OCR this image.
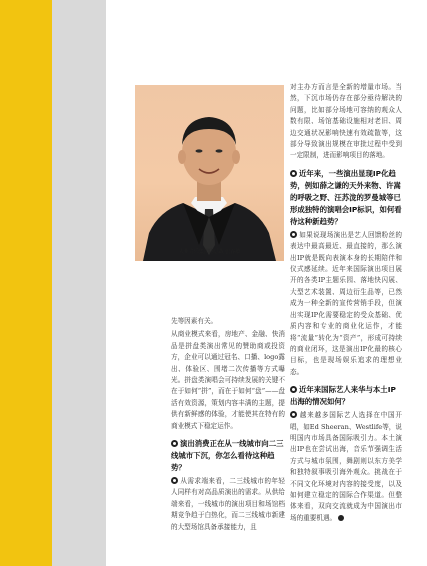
大业音乐集团副总裁 张春敏

先等因素有关。

从商业模式来看，房地产、金融、快消品是拼盘类演出常见的赞助商或投资方，企业可以通过冠名、口播、logo露出、体验区、围堵二次传播等方式曝光。拼盘类演唱会可持续发展的关键不在于如何“拼”，而在于如何“盘”——盘活有效资源，策划内容丰满的主题，提供有新鲜感的体验，才能使其在特有的商业模式下稳定运作。

演出消费正在从一线城市向二三线城市下沉，你怎么看待这种趋势？

从需求端来看，二三线城市的年轻人同样有对高品质演出的需求。从供给端来看，一线城市的演出项目和场馆档期竞争趋于白热化，而二三线城市新建的大型场馆具备承接能力，且

对主办方而言是全新的增量市场。当然，下沉市场仍存在部分亟待解决的问题，比如部分场地可容纳的观众人数有限、场馆基础设施相对老旧、周边交通状况影响快速有效疏散等，这部分导致演出规模在审批过程中受到一定限制，进而影响项目的落地。

近年来，一些演出显现IP化趋势，例如薛之谦的天外来物、许嵩的呼吸之野、汪苏泷的罗曼城等已形成独特的演唱会IP标识，如何看待这种新趋势？

如果说现场演出是艺人回馈粉丝的表达中最高最近、最直接的，那么演出IP就是既向表演本身的长期陪伴和仪式感延续。近年来国际演出项目展开的各类IP主题乐园、落地快闪展、大型艺术装置、周边衍生品等，已然成为一种全新的宣传营销手段，但演出实现IP化需要稳定的受众基础、优质内容和专业的商业化运作，才能将“流量”转化为“资产”，形成可持续的商业闭环，这是演出IP化最的核心目标，也是现场娱乐追求的理想业态。

近年来国际艺人来华与本土IP出海的情况如何？

越来越多国际艺人选择在中国开唱，如Ed Sheeran、Westlife等，说明国内市场具备国际吸引力。本土演出IP也在尝试出海，音乐节强调生活方式与城市氛围，舞剧则以东方美学和独特叙事吸引海外观众。挑战在于不同文化环境对内容的接受度，以及如何建立稳定的国际合作渠道。但整体来看，双向交流就成为中国演出市场的重要机遇。
